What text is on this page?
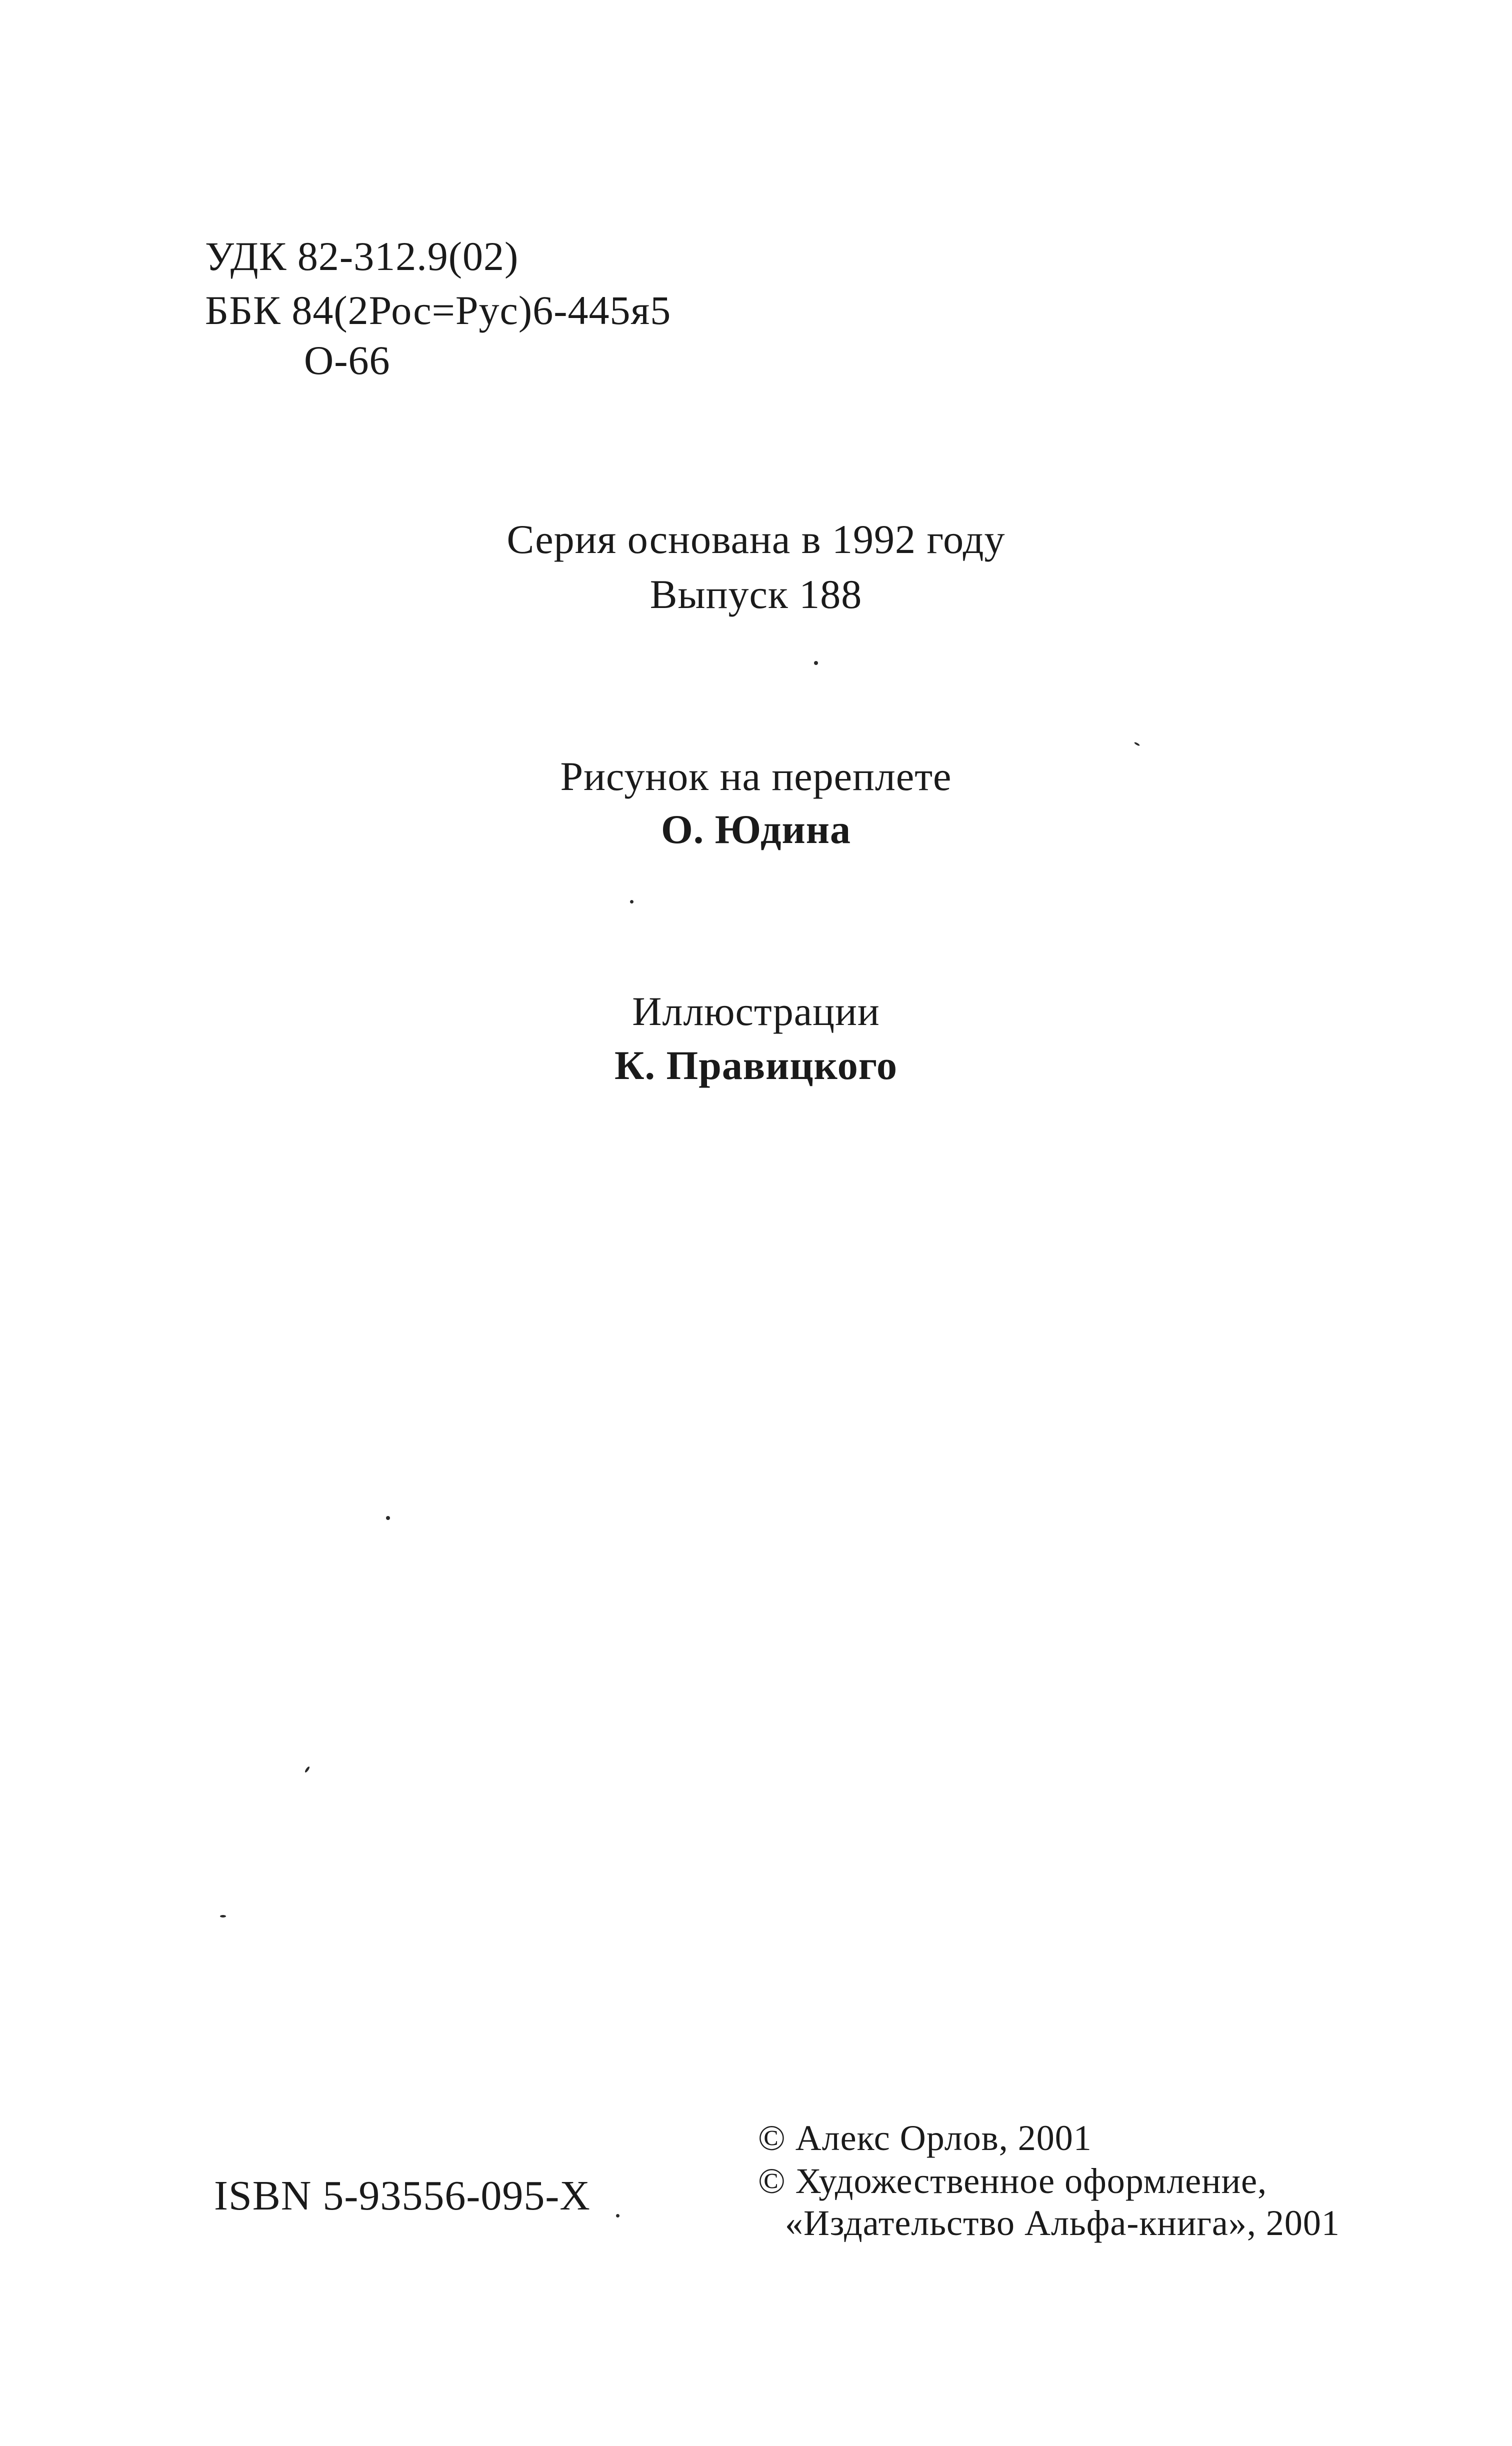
УДК 82-312.9(02)
ББК 84(2Рос=Рус)6-445я5
О-66
Серия основана в 1992 году
Выпуск 188
Рисунок на переплете
О. Юдина
Иллюстрации
К. Правицкого
ISBN 5-93556-095-X
© Алекс Орлов, 2001
© Художественное оформление,
«Издательство Альфа-книга», 2001
